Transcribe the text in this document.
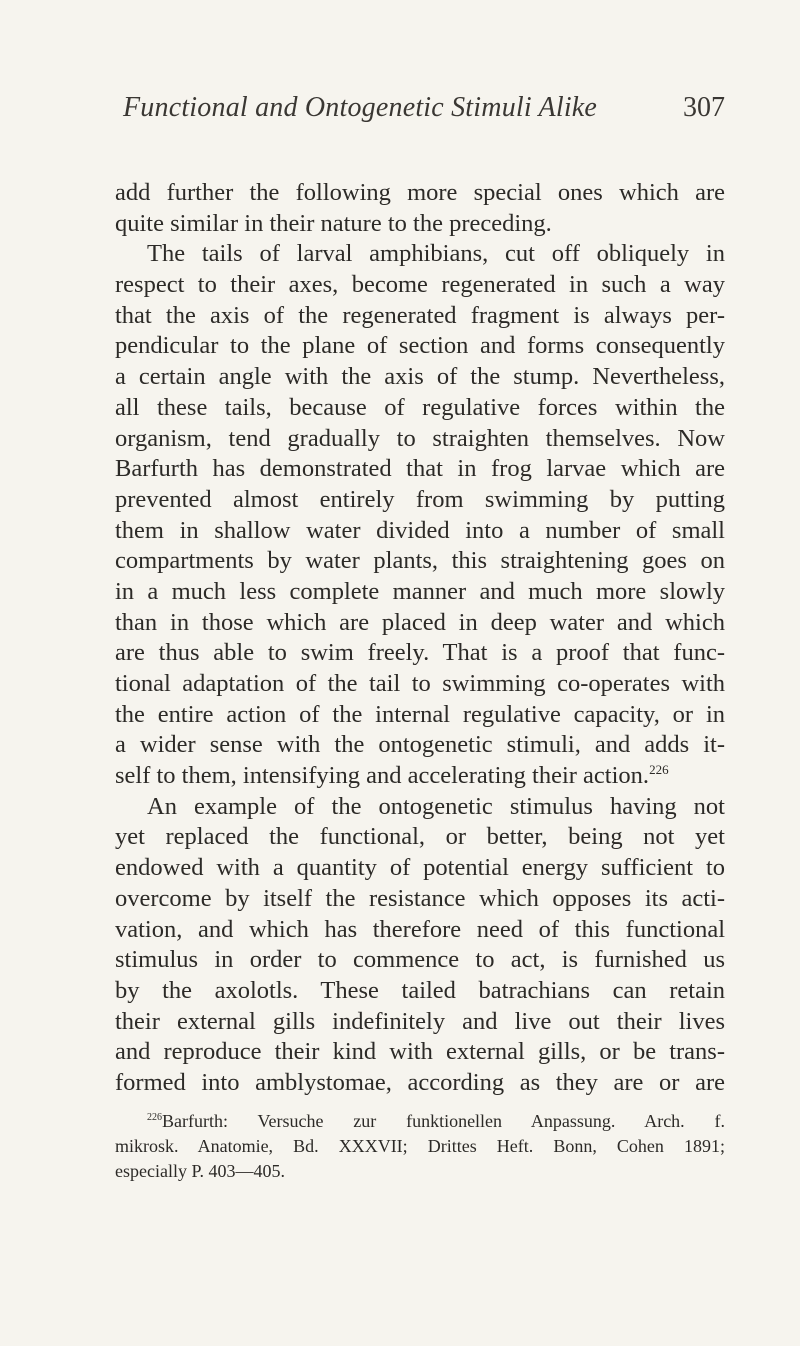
Functional and Ontogenetic Stimuli Alike	307
add further the following more special ones which are
quite similar in their nature to the preceding.
The tails of larval amphibians, cut off obliquely in
respect to their axes, become regenerated in such a way
that the axis of the regenerated fragment is always per-
pendicular to the plane of section and forms consequently
a certain angle with the axis of the stump. Nevertheless,
all these tails, because of regulative forces within the
organism, tend gradually to straighten themselves. Now
Barfurth has demonstrated that in frog larvae which are
prevented almost entirely from swimming by putting
them in shallow water divided into a number of small
compartments by water plants, this straightening goes on
in a much less complete manner and much more slowly
than in those which are placed in deep water and which
are thus able to swim freely. That is a proof that func-
tional adaptation of the tail to swimming co-operates with
the entire action of the internal regulative capacity, or in
a wider sense with the ontogenetic stimuli, and adds it-
self to them, intensifying and accelerating their action.$^{226}$
An example of the ontogenetic stimulus having not
yet replaced the functional, or better, being not yet
endowed with a quantity of potential energy sufficient to
overcome by itself the resistance which opposes its acti-
vation, and which has therefore need of this functional
stimulus in order to commence to act, is furnished us
by the axolotls. These tailed batrachians can retain
their external gills indefinitely and live out their lives
and reproduce their kind with external gills, or be trans-
formed into amblystomae, according as they are or are
$^{226}$Barfurth: Versuche zur funktionellen Anpassung. Arch. f.
mikrosk. Anatomie, Bd. XXXVII; Drittes Heft. Bonn, Cohen 1891;
especially P. 403—405.
